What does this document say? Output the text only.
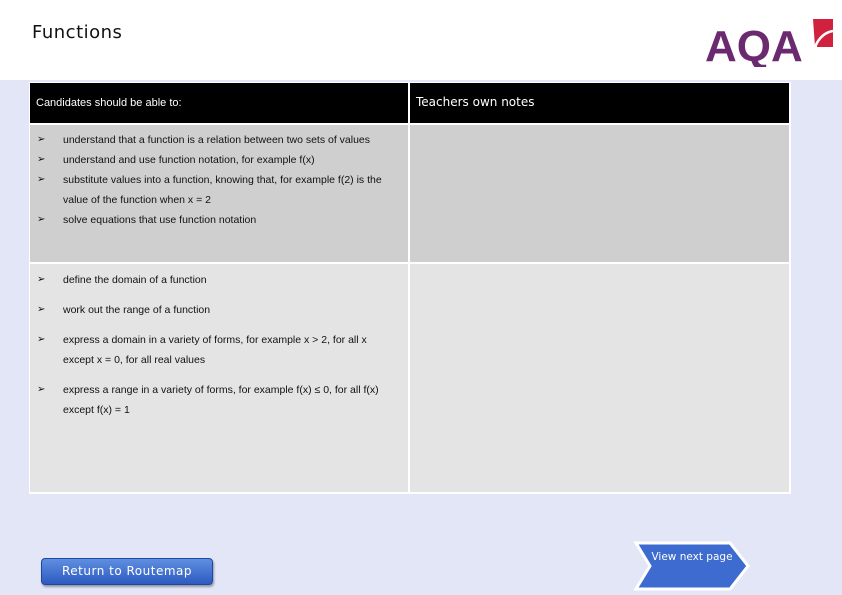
Functions	AQA
Candidates should be able to:	Teachers own notes
➢ understand that a function is a relation between two sets of values
➢ understand and use function notation, for example f(x)
➢ substitute values into a function, knowing that, for example f(2) is the value of the function when x = 2
➢ solve equations that use function notation
➢ define the domain of a function
➢ work out the range of a function
➢ express a domain in a variety of forms, for example x > 2, for all x except x = 0, for all real values
➢ express a range in a variety of forms, for example f(x) ≤ 0, for all f(x) except f(x) = 1
Return to Routemap
View next page
